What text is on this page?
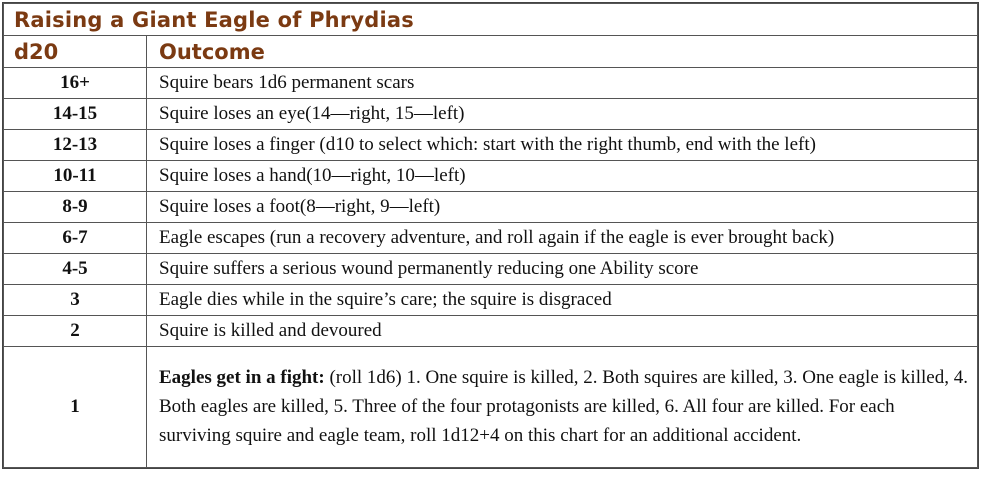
Raising a Giant Eagle of Phrydias	
d20	Outcome
16+	Squire bears 1d6 permanent scars
14-15	Squire loses an eye(14—right, 15—left)
12-13	Squire loses a finger (d10 to select which: start with the right thumb, end with the left)
10-11	Squire loses a hand(10—right, 10—left)
8-9	Squire loses a foot(8—right, 9—left)
6-7	Eagle escapes (run a recovery adventure, and roll again if the eagle is ever brought back)
4-5	Squire suffers a serious wound permanently reducing one Ability score
3	Eagle dies while in the squire’s care; the squire is disgraced
2	Squire is killed and devoured
1	Eagles get in a fight: (roll 1d6) 1. One squire is killed, 2. Both squires are killed, 3. One eagle is killed, 4. Both eagles are killed, 5. Three of the four protagonists are killed, 6. All four are killed. For each surviving squire and eagle team, roll 1d12+4 on this chart for an additional accident.
